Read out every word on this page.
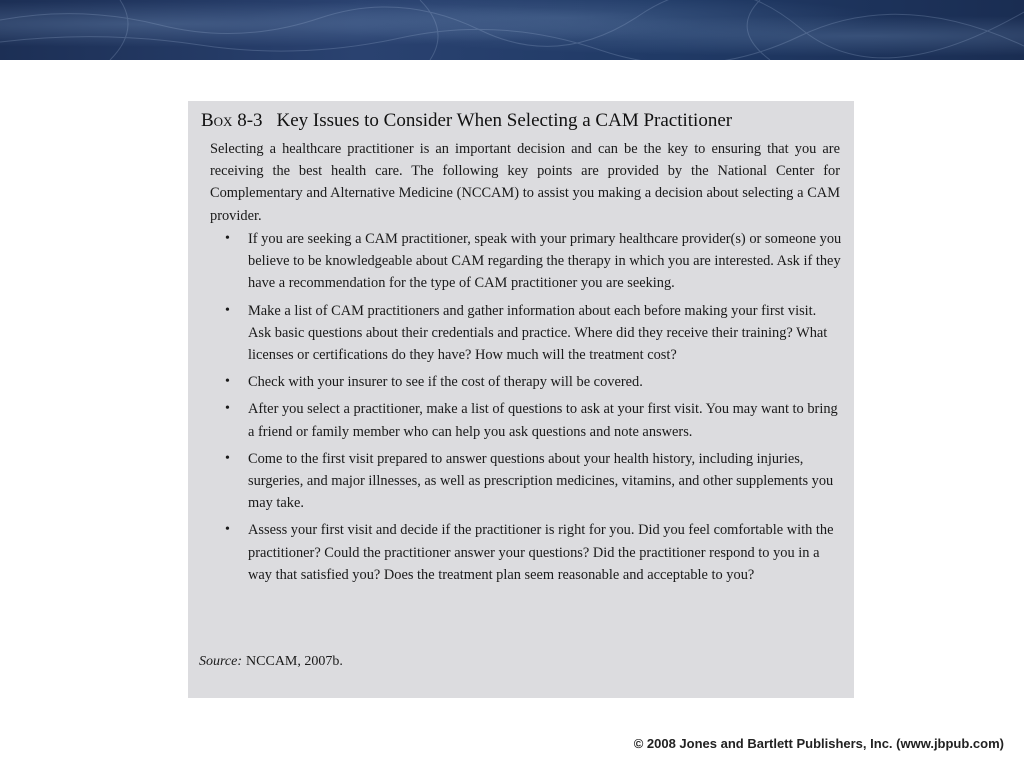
Box 8-3 Key Issues to Consider When Selecting a CAM Practitioner
Selecting a healthcare practitioner is an important decision and can be the key to ensuring that you are receiving the best health care. The following key points are provided by the National Center for Complementary and Alternative Medicine (NCCAM) to assist you making a decision about selecting a CAM provider.
• If you are seeking a CAM practitioner, speak with your primary healthcare provider(s) or someone you believe to be knowledgeable about CAM regarding the therapy in which you are interested. Ask if they have a recommendation for the type of CAM practitioner you are seeking.
• Make a list of CAM practitioners and gather information about each before making your first visit. Ask basic questions about their credentials and practice. Where did they receive their training? What licenses or certifications do they have? How much will the treatment cost?
• Check with your insurer to see if the cost of therapy will be covered.
• After you select a practitioner, make a list of questions to ask at your first visit. You may want to bring a friend or family member who can help you ask questions and note answers.
• Come to the first visit prepared to answer questions about your health history, including injuries, surgeries, and major illnesses, as well as prescription medicines, vitamins, and other supplements you may take.
• Assess your first visit and decide if the practitioner is right for you. Did you feel comfortable with the practitioner? Could the practitioner answer your questions? Did the practitioner respond to you in a way that satisfied you? Does the treatment plan seem reasonable and acceptable to you?
Source: NCCAM, 2007b.
© 2008 Jones and Bartlett Publishers, Inc. (www.jbpub.com)
